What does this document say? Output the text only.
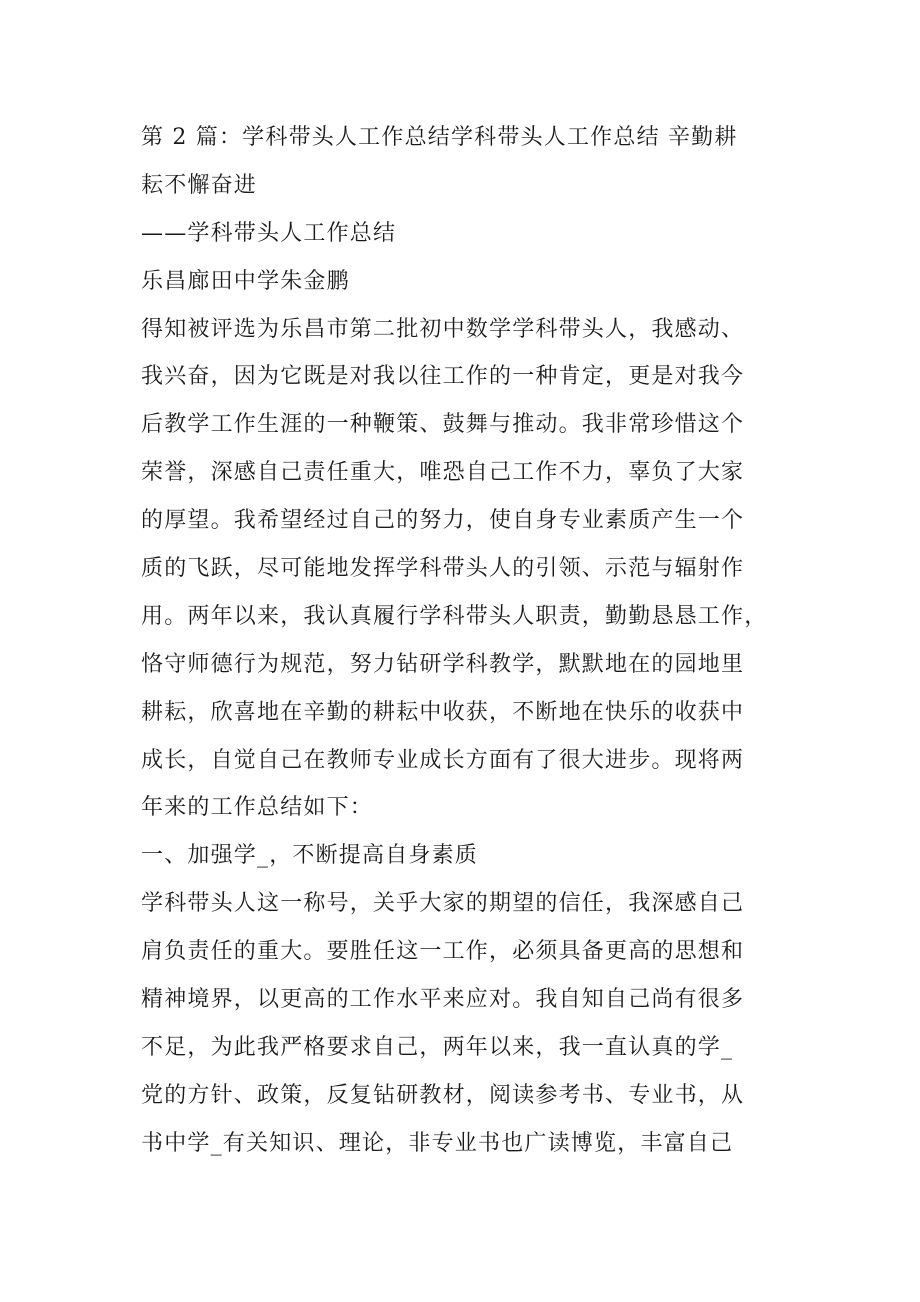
第 2 篇：学科带头人工作总结学科带头人工作总结 辛勤耕
耘不懈奋进
——学科带头人工作总结
乐昌廊田中学朱金鹏
得知被评选为乐昌市第二批初中数学学科带头人，我感动、
我兴奋，因为它既是对我以往工作的一种肯定，更是对我今
后教学工作生涯的一种鞭策、鼓舞与推动。我非常珍惜这个
荣誉，深感自己责任重大，唯恐自己工作不力，辜负了大家
的厚望。我希望经过自己的努力，使自身专业素质产生一个
质的飞跃，尽可能地发挥学科带头人的引领、示范与辐射作
用。两年以来，我认真履行学科带头人职责，勤勤恳恳工作，
恪守师德行为规范，努力钻研学科教学，默默地在的园地里
耕耘，欣喜地在辛勤的耕耘中收获，不断地在快乐的收获中
成长，自觉自己在教师专业成长方面有了很大进步。现将两
年来的工作总结如下：
一、加强学_，不断提高自身素质
学科带头人这一称号，关乎大家的期望的信任，我深感自己
肩负责任的重大。要胜任这一工作，必须具备更高的思想和
精神境界，以更高的工作水平来应对。我自知自己尚有很多
不足，为此我严格要求自己，两年以来，我一直认真的学_
党的方针、政策，反复钻研教材，阅读参考书、专业书，从
书中学_有关知识、理论，非专业书也广读博览，丰富自己
